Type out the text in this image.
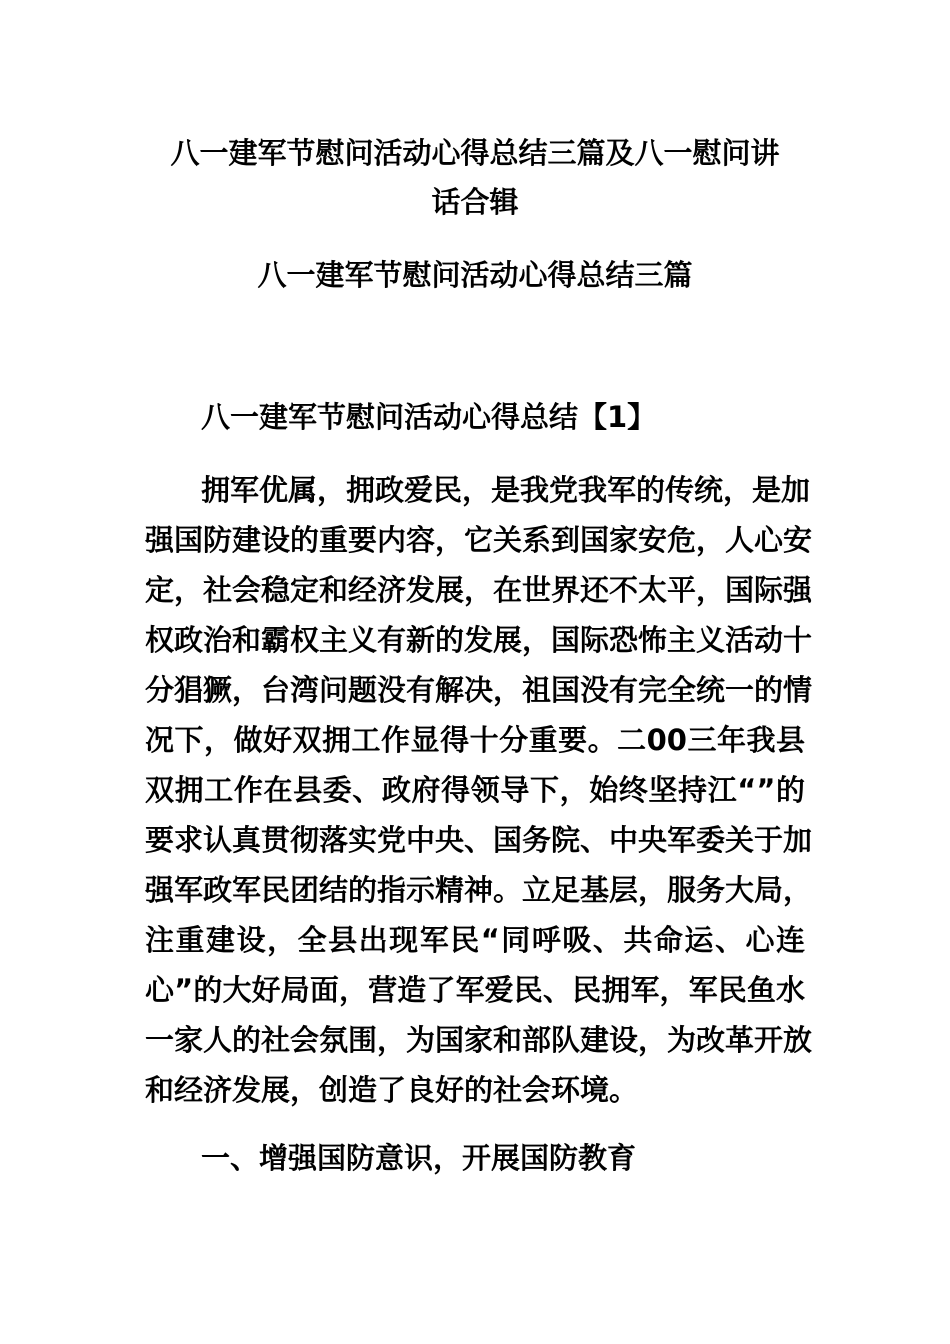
八一建军节慰问活动心得总结三篇及八一慰问讲
话合辑
八一建军节慰问活动心得总结三篇
八一建军节慰问活动心得总结【1】
拥军优属，拥政爱民，是我党我军的传统，是加
强国防建设的重要内容，它关系到国家安危，人心安
定，社会稳定和经济发展，在世界还不太平，国际强
权政治和霸权主义有新的发展，国际恐怖主义活动十
分猖獗，台湾问题没有解决，祖国没有完全统一的情
况下，做好双拥工作显得十分重要。二00三年我县
双拥工作在县委、政府得领导下，始终坚持江“”的
要求认真贯彻落实党中央、国务院、中央军委关于加
强军政军民团结的指示精神。立足基层，服务大局，
注重建设，全县出现军民“同呼吸、共命运、心连
心”的大好局面，营造了军爱民、民拥军，军民鱼水
一家人的社会氛围，为国家和部队建设，为改革开放
和经济发展，创造了良好的社会环境。
一、增强国防意识，开展国防教育
